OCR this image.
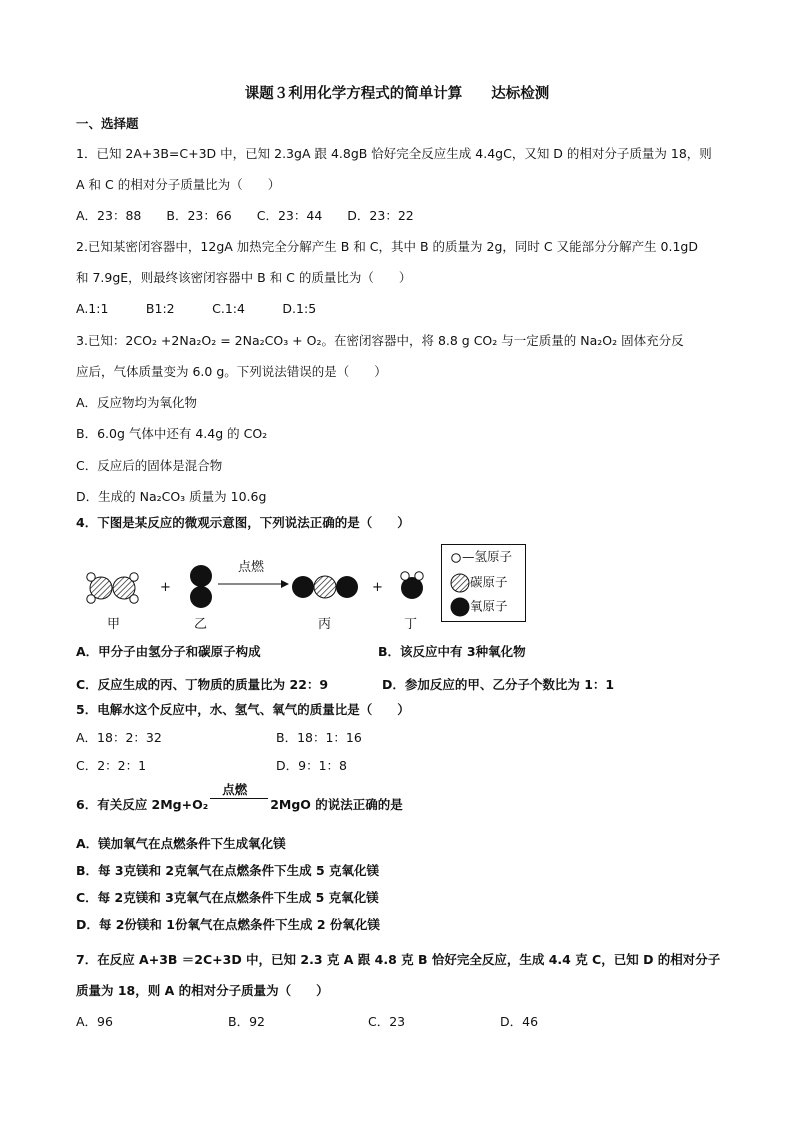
课题３利用化学方程式的简单计算　　达标检测
一、选择题
1．已知 2A+3B=C+3D 中，已知 2.3gA 跟 4.8gB 恰好完全反应生成 4.4gC，又知 D 的相对分子质量为 18，则
A 和 C 的相对分子质量比为（　　）
A．23：88　　B．23：66　　C．23：44　　D．23：22
2.已知某密闭容器中，12gA 加热完全分解产生 B 和 C，其中 B 的质量为 2g，同时 C 又能部分分解产生 0.1gD
和 7.9gE，则最终该密闭容器中 B 和 C 的质量比为（　　）
A.1:1　　　B1:2　　　C.1:4　　　D.1:5
3.已知：2CO₂ +2Na₂O₂ = 2Na₂CO₃ + O₂。在密闭容器中，将 8.8 g CO₂ 与一定质量的 Na₂O₂ 固体充分反
应后，气体质量变为 6.0 g。下列说法错误的是（　　）
A．反应物均为氧化物
B．6.0g 气体中还有 4.4g 的 CO₂
C．反应后的固体是混合物
D．生成的 Na₂CO₃ 质量为 10.6g
4．下图是某反应的微观示意图，下列说法正确的是（　　）
点燃
+	+
甲	乙	丙	丁
—氢原子
碳原子
氧原子
A．甲分子由氢分子和碳原子构成	B．该反应中有 3种氧化物
C．反应生成的丙、丁物质的质量比为 22：9	D．参加反应的甲、乙分子个数比为 1：1
5．电解水这个反应中，水、氢气、氧气的质量比是（　　）
A．18：2：32	B．18：1：16
C．2：2：1	D．9：1：8
6．有关反应 2Mg+O₂
点燃
2MgO 的说法正确的是
A．镁加氧气在点燃条件下生成氧化镁
B．每 3克镁和 2克氧气在点燃条件下生成 5 克氧化镁
C．每 2克镁和 3克氧气在点燃条件下生成 5 克氧化镁
D．每 2份镁和 1份氧气在点燃条件下生成 2 份氧化镁
7．在反应 A+3B ＝2C+3D 中，已知 2.3 克 A 跟 4.8 克 B 恰好完全反应，生成 4.4 克 C，已知 D 的相对分子
质量为 18，则 A 的相对分子质量为（　　）
A．96	B．92	C．23	D．46
